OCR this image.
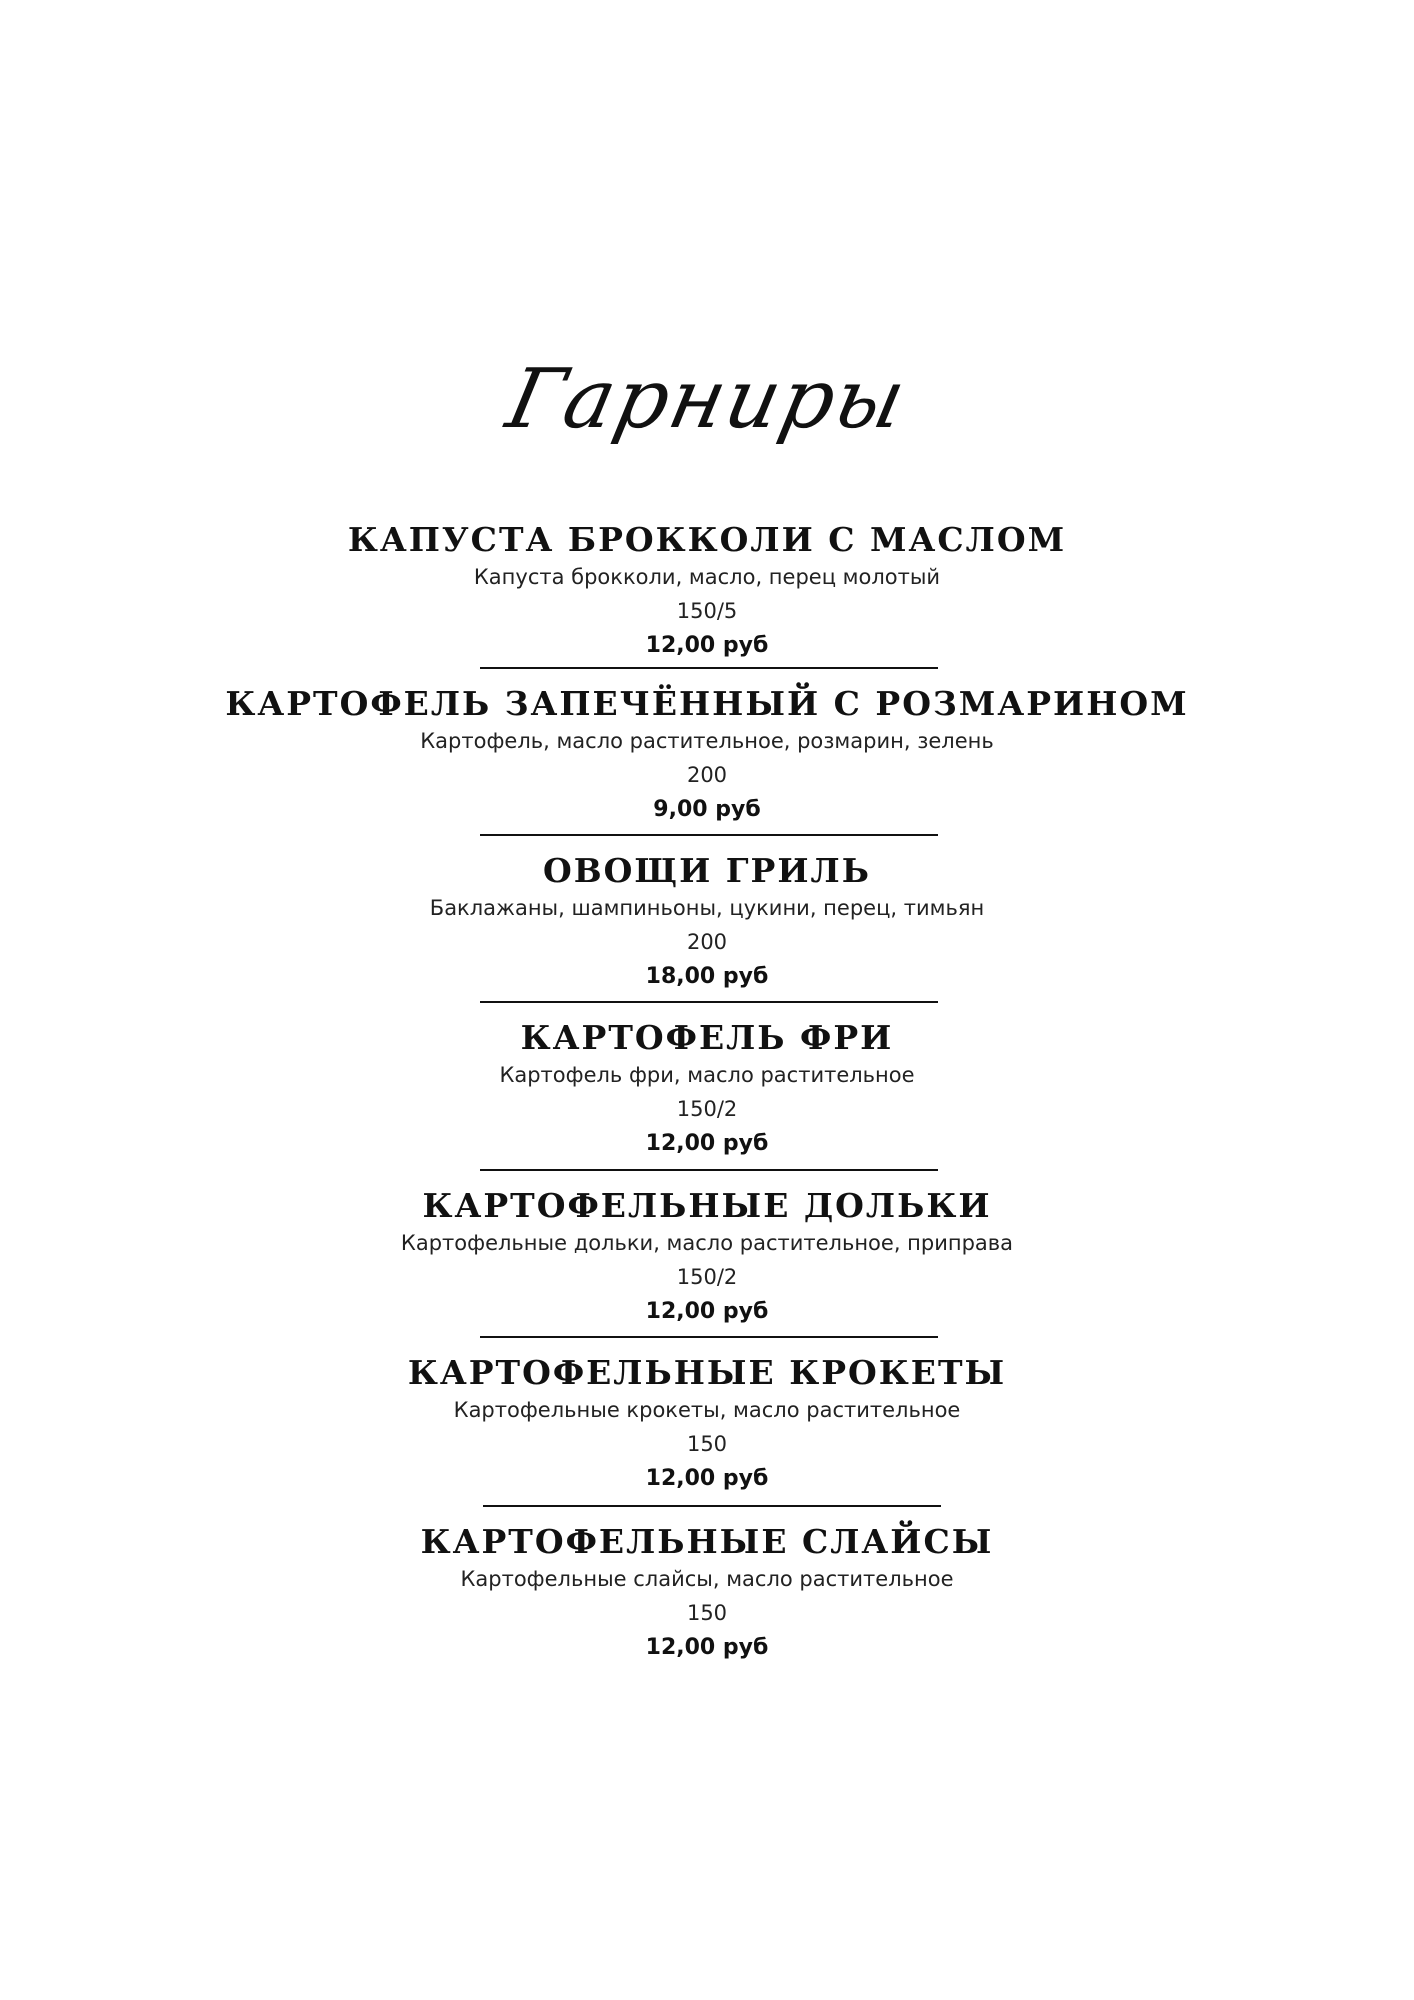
Гарниры
КАПУСТА БРОККОЛИ С МАСЛОМ
Капуста брокколи, масло, перец молотый
150/5
12,00 руб
КАРТОФЕЛЬ ЗАПЕЧЁННЫЙ С РОЗМАРИНОМ
Картофель, масло растительное, розмарин, зелень
200
9,00 руб
ОВОЩИ ГРИЛЬ
Баклажаны, шампиньоны, цукини, перец, тимьян
200
18,00 руб
КАРТОФЕЛЬ ФРИ
Картофель фри, масло растительное
150/2
12,00 руб
КАРТОФЕЛЬНЫЕ ДОЛЬКИ
Картофельные дольки, масло растительное, приправа
150/2
12,00 руб
КАРТОФЕЛЬНЫЕ КРОКЕТЫ
Картофельные крокеты, масло растительное
150
12,00 руб
КАРТОФЕЛЬНЫЕ СЛАЙСЫ
Картофельные слайсы, масло растительное
150
12,00 руб
